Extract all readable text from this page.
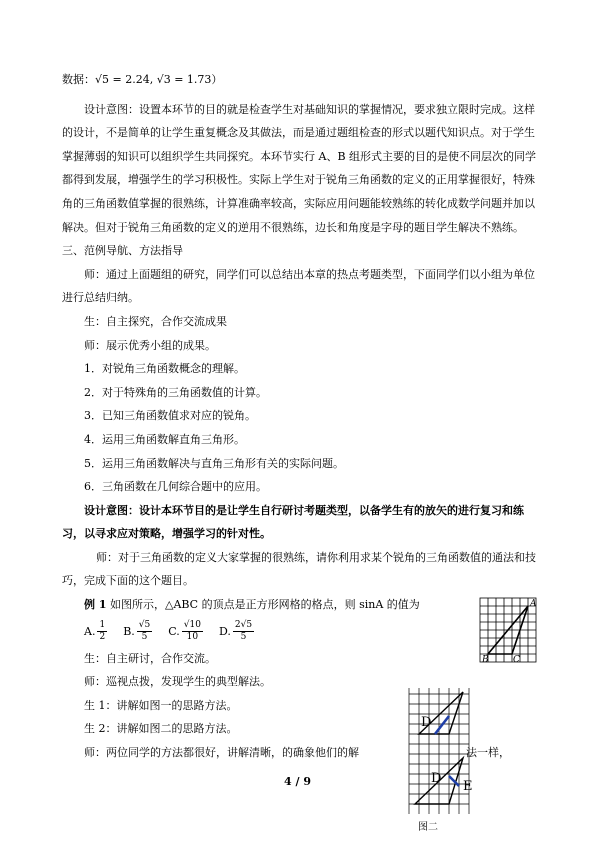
数据：√5 = 2.24, √3 = 1.73）

设计意图：设置本环节的目的就是检查学生对基础知识的掌握情况，要求独立限时完成。这样的设计，不是简单的让学生重复概念及其做法，而是通过题组检查的形式以题代知识点。对于学生掌握薄弱的知识可以组织学生共同探究。本环节实行 A、B 组形式主要的目的是使不同层次的同学都得到发展，增强学生的学习积极性。实际上学生对于锐角三角函数的定义的正用掌握很好，特殊角的三角函数值掌握的很熟练，计算准确率较高，实际应用问题能较熟练的转化成数学问题并加以解决。但对于锐角三角函数的定义的逆用不很熟练，边长和角度是字母的题目学生解决不熟练。

三、范例导航、方法指导

师：通过上面题组的研究，同学们可以总结出本章的热点考题类型，下面同学们以小组为单位进行总结归纳。

生：自主探究，合作交流成果

师：展示优秀小组的成果。

1．对锐角三角函数概念的理解。

2．对于特殊角的三角函数值的计算。

3．已知三角函数值求对应的锐角。

4．运用三角函数解直角三角形。

5．运用三角函数解决与直角三角形有关的实际问题。

6．三角函数在几何综合题中的应用。

设计意图：设计本环节目的是让学生自行研讨考题类型，以备学生有的放矢的进行复习和练习，以寻求应对策略，增强学习的针对性。

师：对于三角函数的定义大家掌握的很熟练，请你利用求某个锐角的三角函数值的通法和技巧，完成下面的这个题目。

例 1 如图所示，△ABC 的顶点是正方形网格的格点，则 sinA 的值为

A. $\frac{1}{2} B$. $\frac{√5}{5} C$. $\frac{√10}{10} D$. $\frac{2√5}{5}$

生：自主研讨，合作交流。

师：巡视点拨，发现学生的典型解法。

生 1：讲解如图一的思路方法。

生 2：讲解如图二的思路方法。

师：两位同学的方法都很好，讲解清晰，的确象他们的解	法一样，

A
B	C
D
D
E
4 / 9
图二
